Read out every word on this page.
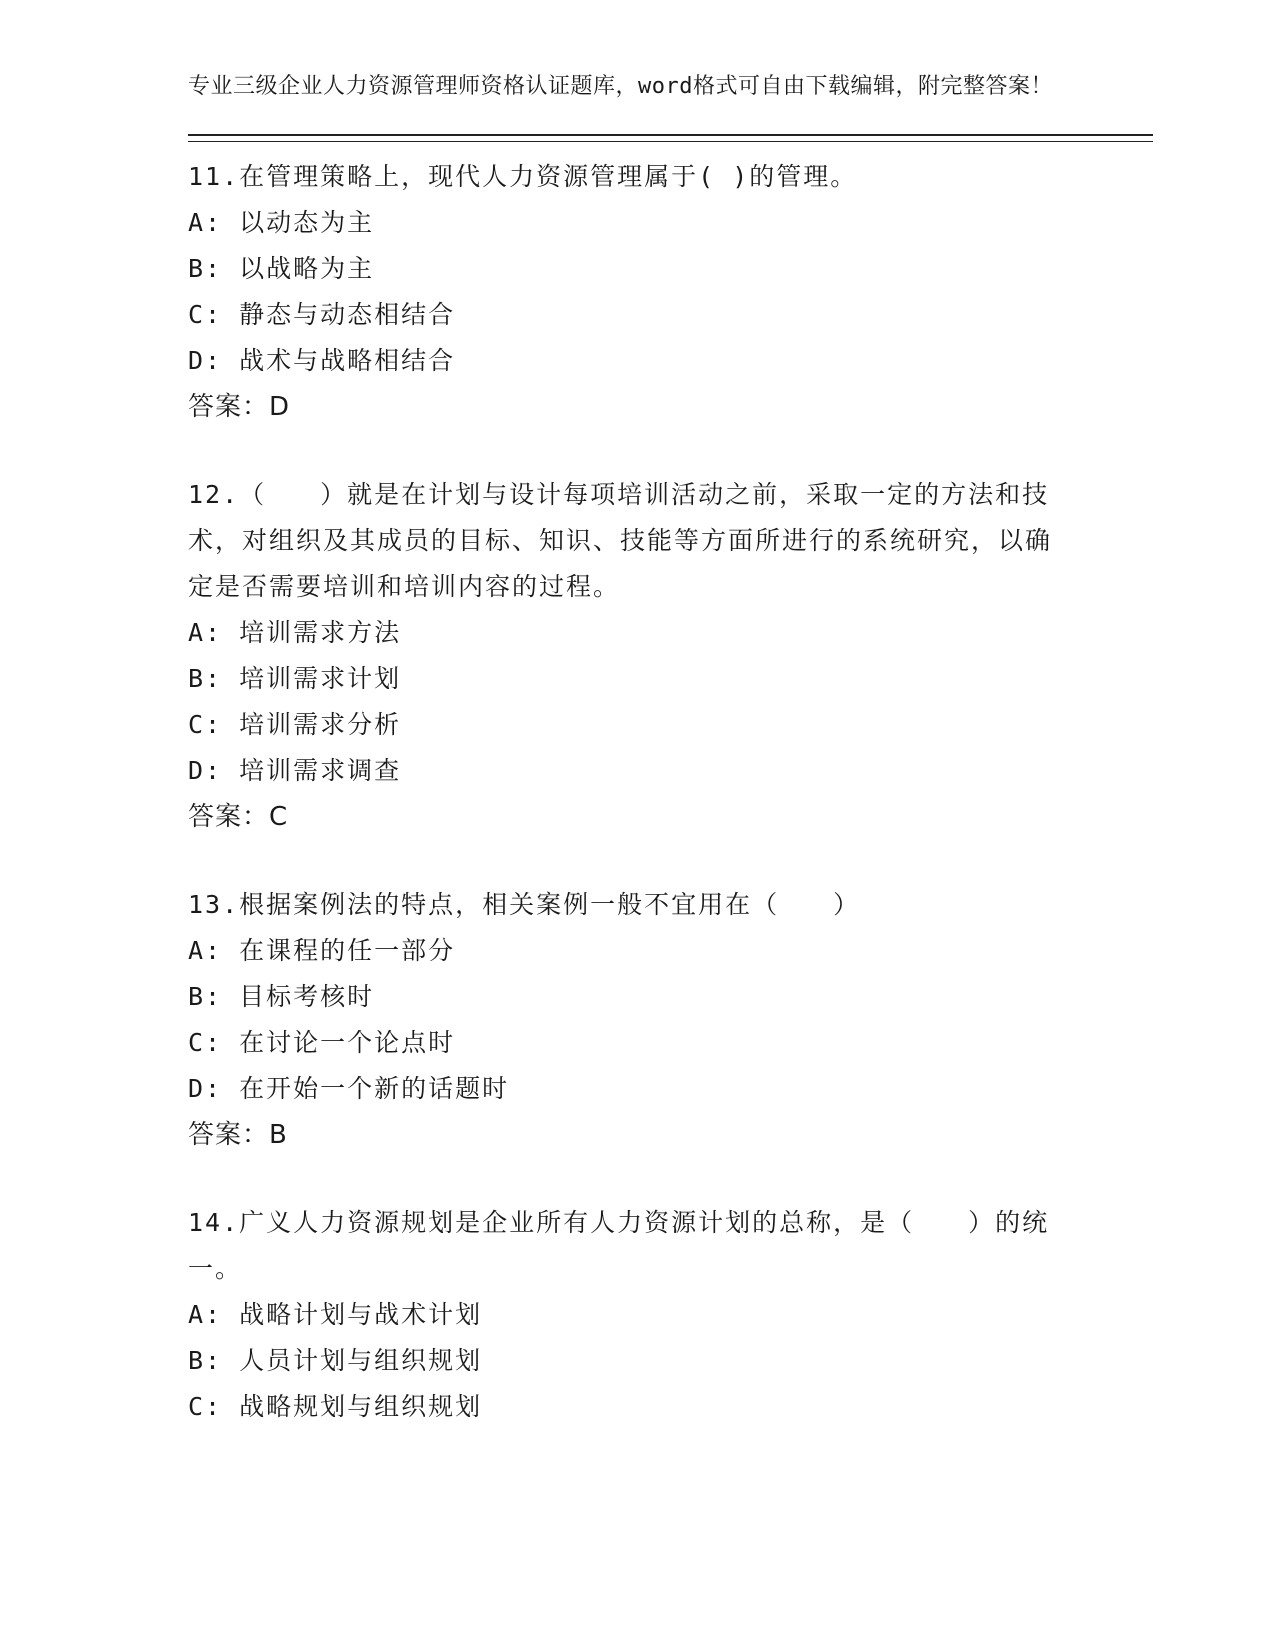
专业三级企业人力资源管理师资格认证题库，word格式可自由下载编辑，附完整答案！
11.在管理策略上，现代人力资源管理属于( )的管理。
A: 以动态为主
B: 以战略为主
C: 静态与动态相结合
D: 战术与战略相结合
答案：D
12.（　　）就是在计划与设计每项培训活动之前，采取一定的方法和技术，对组织及其成员的目标、知识、技能等方面所进行的系统研究，以确定是否需要培训和培训内容的过程。
A: 培训需求方法
B: 培训需求计划
C: 培训需求分析
D: 培训需求调查
答案：C
13.根据案例法的特点，相关案例一般不宜用在（　　）
A: 在课程的任一部分
B: 目标考核时
C: 在讨论一个论点时
D: 在开始一个新的话题时
答案：B
14.广义人力资源规划是企业所有人力资源计划的总称，是（　　）的统一。
A: 战略计划与战术计划
B: 人员计划与组织规划
C: 战略规划与组织规划
